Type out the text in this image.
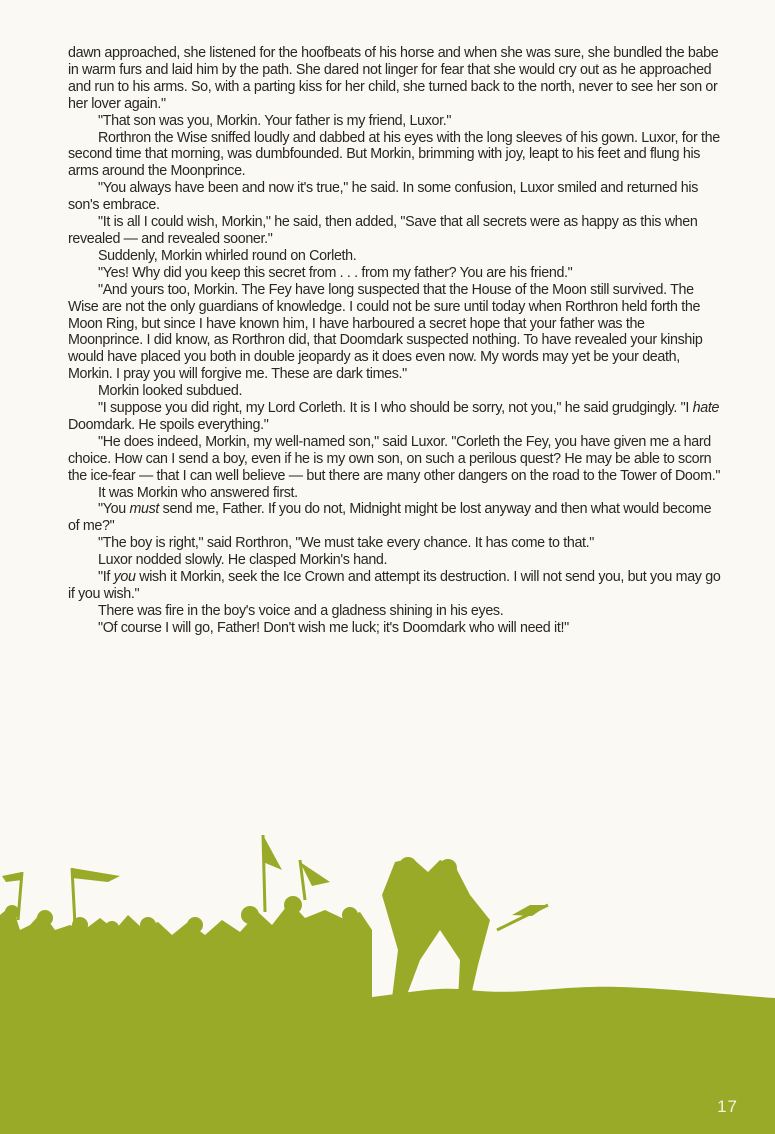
dawn approached, she listened for the hoofbeats of his horse and when she was sure, she bundled the babe in warm furs and laid him by the path. She dared not linger for fear that she would cry out as he approached and run to his arms. So, with a parting kiss for her child, she turned back to the north, never to see her son or her lover again."

"That son was you, Morkin. Your father is my friend, Luxor."

Rorthron the Wise sniffed loudly and dabbed at his eyes with the long sleeves of his gown. Luxor, for the second time that morning, was dumbfounded. But Morkin, brimming with joy, leapt to his feet and flung his arms around the Moonprince.

"You always have been and now it's true," he said. In some confusion, Luxor smiled and returned his son's embrace.

"It is all I could wish, Morkin," he said, then added, "Save that all secrets were as happy as this when revealed — and revealed sooner."

Suddenly, Morkin whirled round on Corleth.

"Yes! Why did you keep this secret from . . . from my father? You are his friend."

"And yours too, Morkin. The Fey have long suspected that the House of the Moon still survived. The Wise are not the only guardians of knowledge. I could not be sure until today when Rorthron held forth the Moon Ring, but since I have known him, I have harboured a secret hope that your father was the Moonprince. I did know, as Rorthron did, that Doomdark suspected nothing. To have revealed your kinship would have placed you both in double jeopardy as it does even now. My words may yet be your death, Morkin. I pray you will forgive me. These are dark times."

Morkin looked subdued.

"I suppose you did right, my Lord Corleth. It is I who should be sorry, not you," he said grudgingly. "I hate Doomdark. He spoils everything."

"He does indeed, Morkin, my well-named son," said Luxor. "Corleth the Fey, you have given me a hard choice. How can I send a boy, even if he is my own son, on such a perilous quest? He may be able to scorn the ice-fear — that I can well believe — but there are many other dangers on the road to the Tower of Doom."

It was Morkin who answered first.

"You must send me, Father. If you do not, Midnight might be lost anyway and then what would become of me?"

"The boy is right," said Rorthron, "We must take every chance. It has come to that."

Luxor nodded slowly. He clasped Morkin's hand.

"If you wish it Morkin, seek the Ice Crown and attempt its destruction. I will not send you, but you may go if you wish."

There was fire in the boy's voice and a gladness shining in his eyes.

"Of course I will go, Father! Don't wish me luck; it's Doomdark who will need it!"

17
